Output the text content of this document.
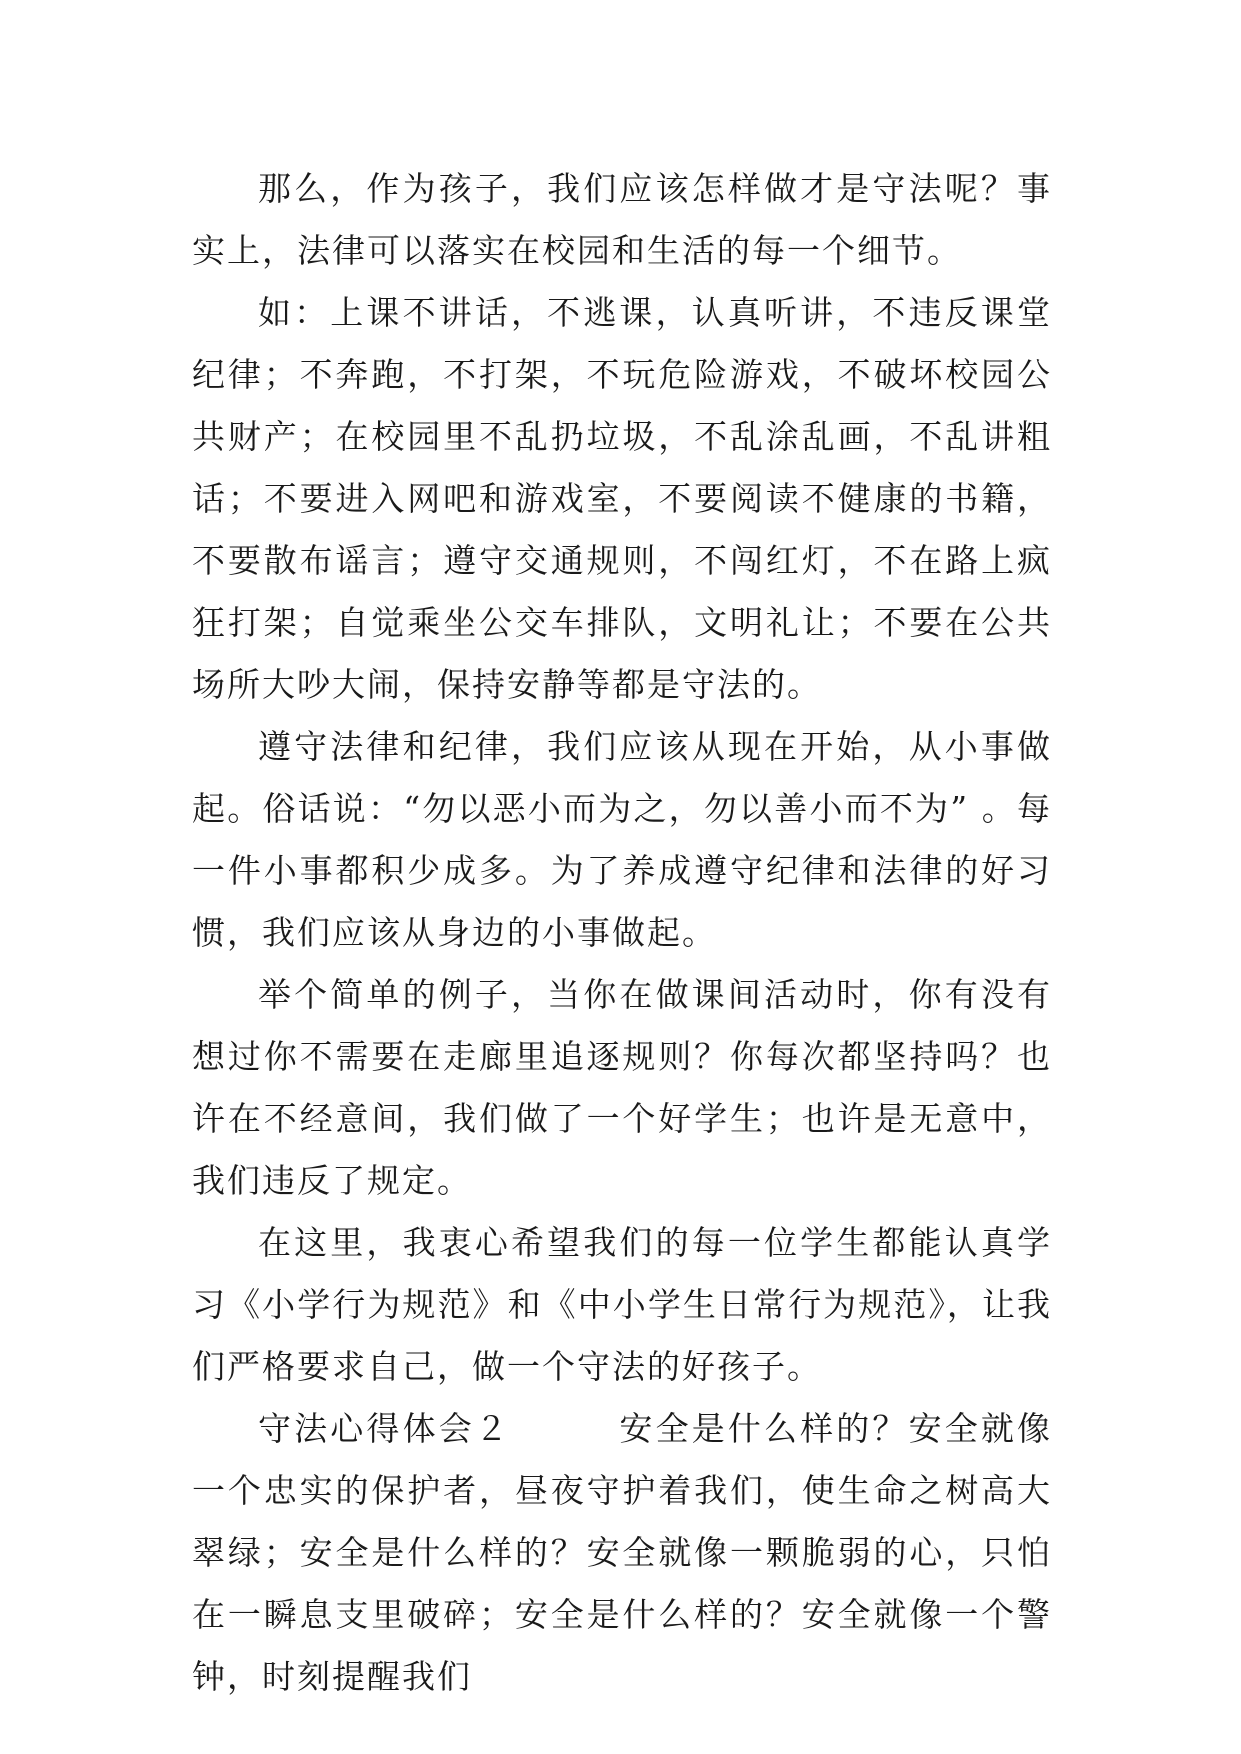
那么，作为孩子，我们应该怎样做才是守法呢？事实上，法律可以落实在校园和生活的每一个细节。

如：上课不讲话，不逃课，认真听讲，不违反课堂纪律；不奔跑，不打架，不玩危险游戏，不破坏校园公共财产；在校园里不乱扔垃圾，不乱涂乱画，不乱讲粗话；不要进入网吧和游戏室，不要阅读不健康的书籍，不要散布谣言；遵守交通规则，不闯红灯，不在路上疯狂打架；自觉乘坐公交车排队，文明礼让；不要在公共场所大吵大闹，保持安静等都是守法的。

遵守法律和纪律，我们应该从现在开始，从小事做起。俗话说：“勿以恶小而为之，勿以善小而不为” 。每一件小事都积少成多。为了养成遵守纪律和法律的好习惯，我们应该从身边的小事做起。

举个简单的例子，当你在做课间活动时，你有没有想过你不需要在走廊里追逐规则？你每次都坚持吗？也许在不经意间，我们做了一个好学生；也许是无意中，我们违反了规定。

在这里，我衷心希望我们的每一位学生都能认真学习《小学行为规范》和《中小学生日常行为规范》，让我们严格要求自己，做一个守法的好孩子。

守法心得体会２　　　安全是什么样的？安全就像一个忠实的保护者，昼夜守护着我们，使生命之树高大翠绿；安全是什么样的？安全就像一颗脆弱的心，只怕在一瞬息支里破碎；安全是什么样的？安全就像一个警钟，时刻提醒我们
